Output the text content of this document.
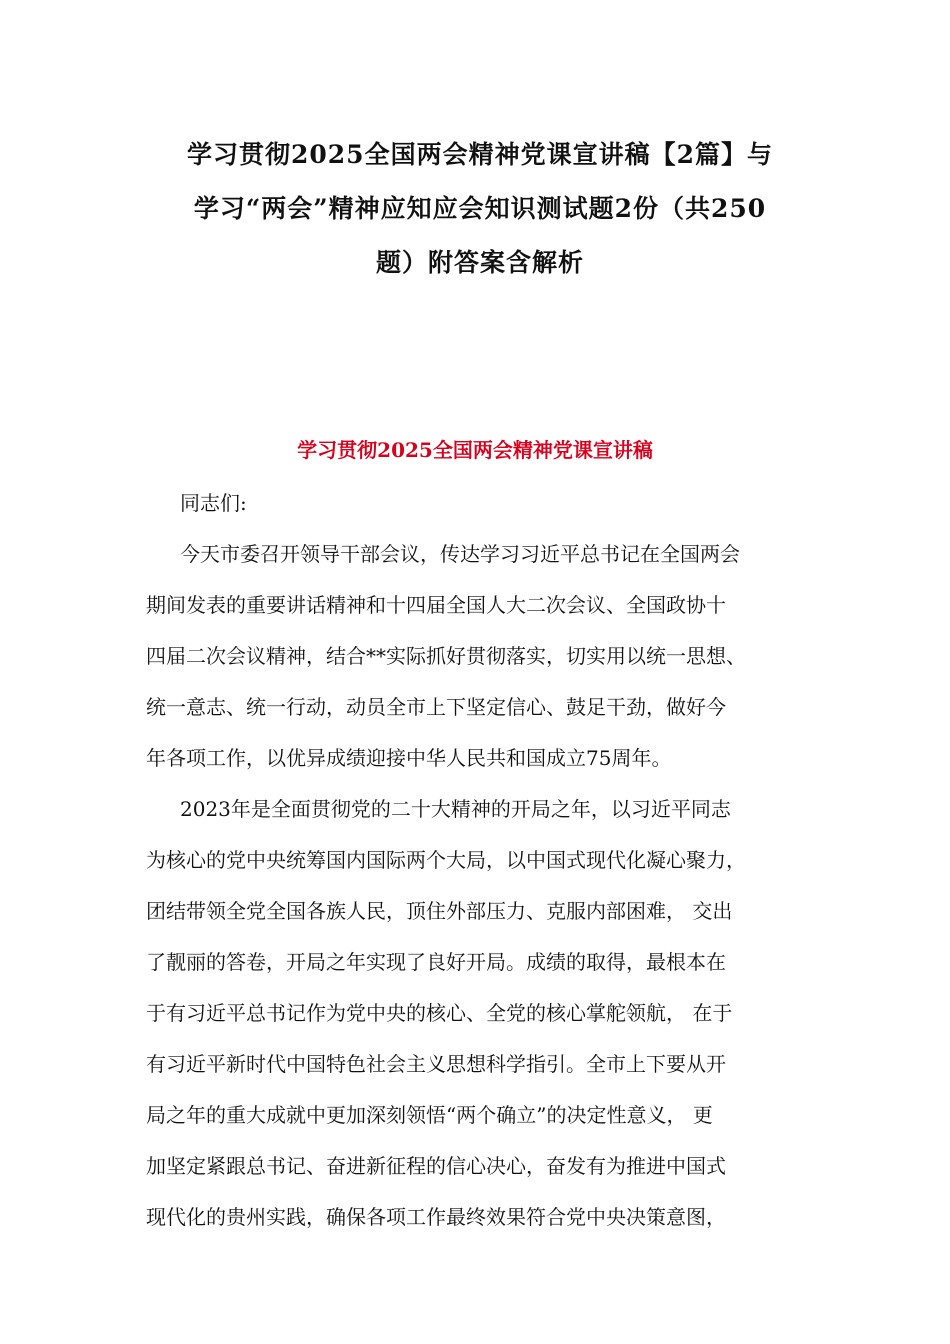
学习贯彻2025全国两会精神党课宣讲稿【2篇】与
学习“两会”精神应知应会知识测试题2份（共250
题）附答案含解析
学习贯彻2025全国两会精神党课宣讲稿

同志们:

今天市委召开领导干部会议，传达学习习近平总书记在全国两会
期间发表的重要讲话精神和十四届全国人大二次会议、全国政协十
四届二次会议精神，结合**实际抓好贯彻落实，切实用以统一思想、
统一意志、统一行动，动员全市上下坚定信心、鼓足干劲，做好今
年各项工作，以优异成绩迎接中华人民共和国成立75周年。

2023年是全面贯彻党的二十大精神的开局之年，以习近平同志
为核心的党中央统筹国内国际两个大局，以中国式现代化凝心聚力，
团结带领全党全国各族人民，顶住外部压力、克服内部困难， 交出
了靓丽的答卷，开局之年实现了良好开局。成绩的取得，最根本在
于有习近平总书记作为党中央的核心、全党的核心掌舵领航， 在于
有习近平新时代中国特色社会主义思想科学指引。全市上下要从开
局之年的重大成就中更加深刻领悟“两个确立”的决定性意义， 更
加坚定紧跟总书记、奋进新征程的信心决心，奋发有为推进中国式
现代化的贵州实践，确保各项工作最终效果符合党中央决策意图，
